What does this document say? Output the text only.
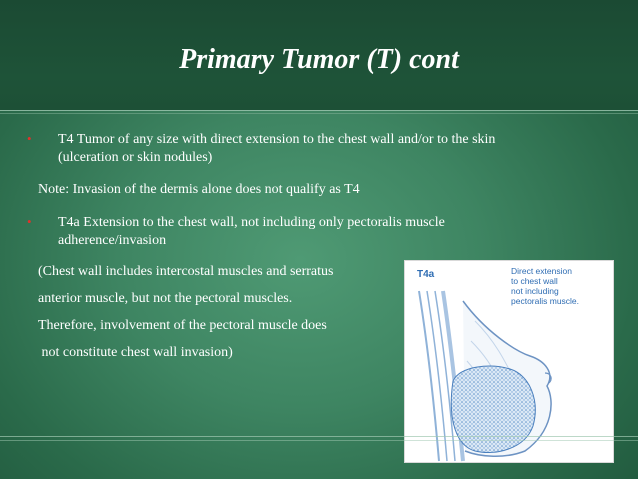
Primary Tumor (T) cont
• T4 Tumor of any size with direct extension to the chest wall and/or to the skin
(ulceration or skin nodules)
Note: Invasion of the dermis alone does not qualify as T4
• T4a Extension to the chest wall, not including only pectoralis muscle
adherence/invasion
(Chest wall includes intercostal muscles and serratus
anterior muscle, but not the pectoral muscles.
Therefore, involvement of the pectoral muscle does
not constitute chest wall invasion)
T4a	Direct extension
to chest wall
not including
pectoralis muscle.
